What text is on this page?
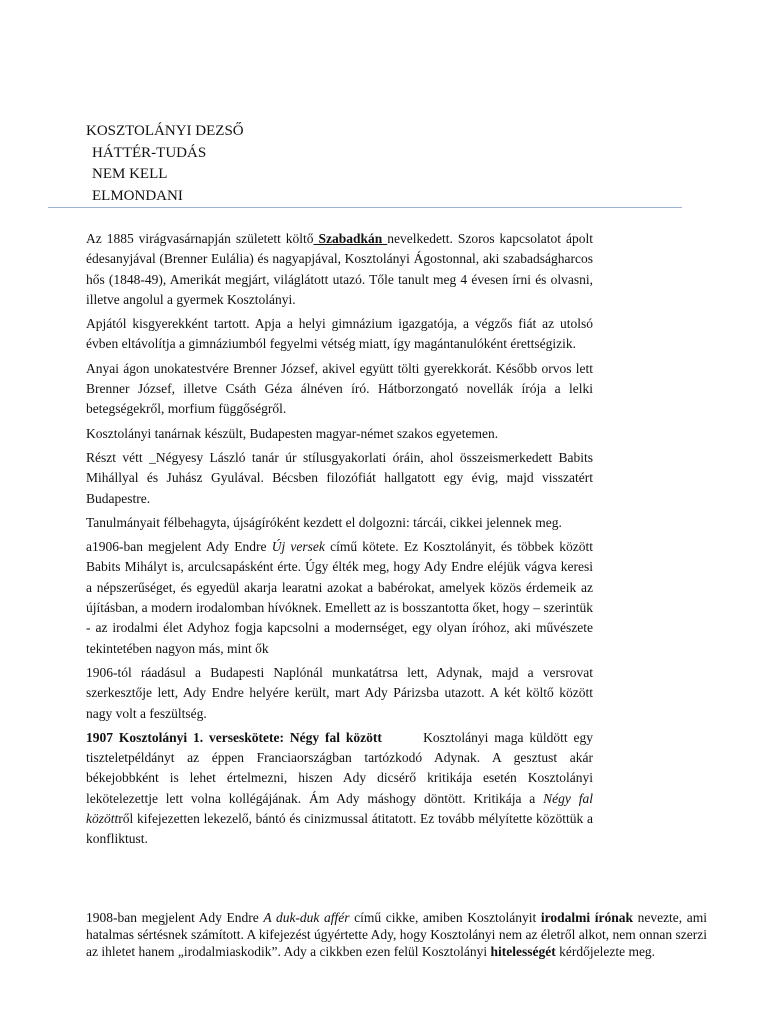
KOSZTOLÁNYI DEZSŐ
HÁTTÉR-TUDÁS
NEM KELL
ELMONDANI

Az 1885 virágvasárnapján született költő Szabadkán nevelkedett. Szoros kapcsolatot ápolt édesanyjával (Brenner Eulália) és nagyapjával, Kosztolányi Ágostonnal, aki szabadságharcos hős (1848-49), Amerikát megjárt, világlátott utazó. Tőle tanult meg 4 évesen írni és olvasni, illetve angolul a gyermek Kosztolányi.

Apjától kisgyerekként tartott. Apja a helyi gimnázium igazgatója, a végzős fiát az utolsó évben eltávolítja a gimnáziumból fegyelmi vétség miatt, így magántanulóként érettségizik.

Anyai ágon unokatestvére Brenner József, akivel együtt tölti gyerekkorát. Később orvos lett Brenner József, illetve Csáth Géza álnéven író. Hátborzongató novellák írója a lelki betegségekről, morfium függőségről.

Kosztolányi tanárnak készült, Budapesten magyar-német szakos egyetemen.

Részt vétt _Négyesy László tanár úr stílusgyakorlati óráin, ahol összeismerkedett Babits Mihállyal és Juhász Gyulával. Bécsben filozófiát hallgatott egy évig, majd visszatért Budapestre.

Tanulmányait félbehagyta, újságíróként kezdett el dolgozni: tárcái, cikkei jelennek meg.

a1906-ban megjelent Ady Endre Új versek című kötete. Ez Kosztolányit, és többek között Babits Mihályt is, arculcsapásként érte. Úgy élték meg, hogy Ady Endre eléjük vágva keresi a népszerűséget, és egyedül akarja learatni azokat a babérokat, amelyek közös érdemeik az újításban, a modern irodalomban hívóknek. Emellett az is bosszantotta őket, hogy – szerintük - az irodalmi élet Adyhoz fogja kapcsolni a modernséget, egy olyan íróhoz, aki művészete tekintetében nagyon más, mint ők

1906-tól ráadásul a Budapesti Naplónál munkatátrsa lett, Adynak, majd a versrovat szerkesztője lett, Ady Endre helyére került, mart Ady Párizsba utazott. A két költő között nagy volt a feszültség.

1907 Kosztolányi 1. verseskötete: Négy fal között       Kosztolányi maga küldött egy tiszteletpéldányt az éppen Franciaországban tartózkodó Adynak. A gesztust akár békejobbként is lehet értelmezni, hiszen Ady dicsérő kritikája esetén Kosztolányi lekötelezettje lett volna kollégájának. Ám Ady máshogy döntött. Kritikája a Négy fal közöttről kifejezetten lekezelő, bántó és cinizmussal átitatott. Ez tovább mélyítette közöttük a konfliktust.

1908-ban megjelent Ady Endre A duk-duk affér című cikke, amiben Kosztolányit irodalmi írónak nevezte, ami hatalmas sértésnek számított. A kifejezést úgyértette Ady, hogy Kosztolányi nem az életről alkot, nem onnan szerzi az ihletet hanem „irodalmiaskodik”. Ady a cikkben ezen felül Kosztolányi hitelességét kérdőjelezte meg.
